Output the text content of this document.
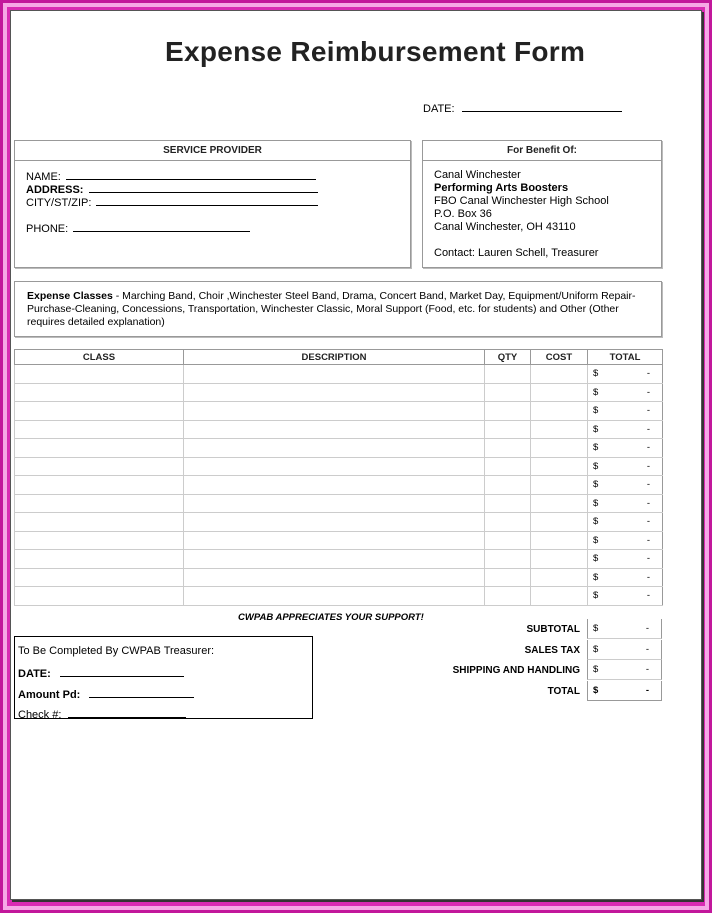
Expense Reimbursement Form
DATE:
SERVICE PROVIDER
NAME:
ADDRESS:
CITY/ST/ZIP:
PHONE:
For Benefit Of:
Canal Winchester
Performing Arts Boosters
FBO Canal Winchester High School
P.O. Box 36
Canal Winchester, OH 43110
Contact: Lauren Schell, Treasurer
Expense Classes - Marching Band, Choir ,Winchester Steel Band, Drama, Concert Band, Market Day, Equipment/Uniform Repair-Purchase-Cleaning, Concessions, Transportation, Winchester Classic, Moral Support (Food, etc. for students) and Other (Other requires detailed explanation)
CLASS	DESCRIPTION	QTY	COST	TOTAL

				$ -

				$ -

				$ -

				$ -

				$ -

				$ -

				$ -

				$ -

				$ -

				$ -

				$ -

				$ -

				$ -
CWPAB APPRECIATES YOUR SUPPORT!
SUBTOTAL $	-
SALES TAX $	-
SHIPPING AND HANDLING $	-
TOTAL $	-
To Be Completed By CWPAB Treasurer:
DATE:
Amount Pd:
Check #:
